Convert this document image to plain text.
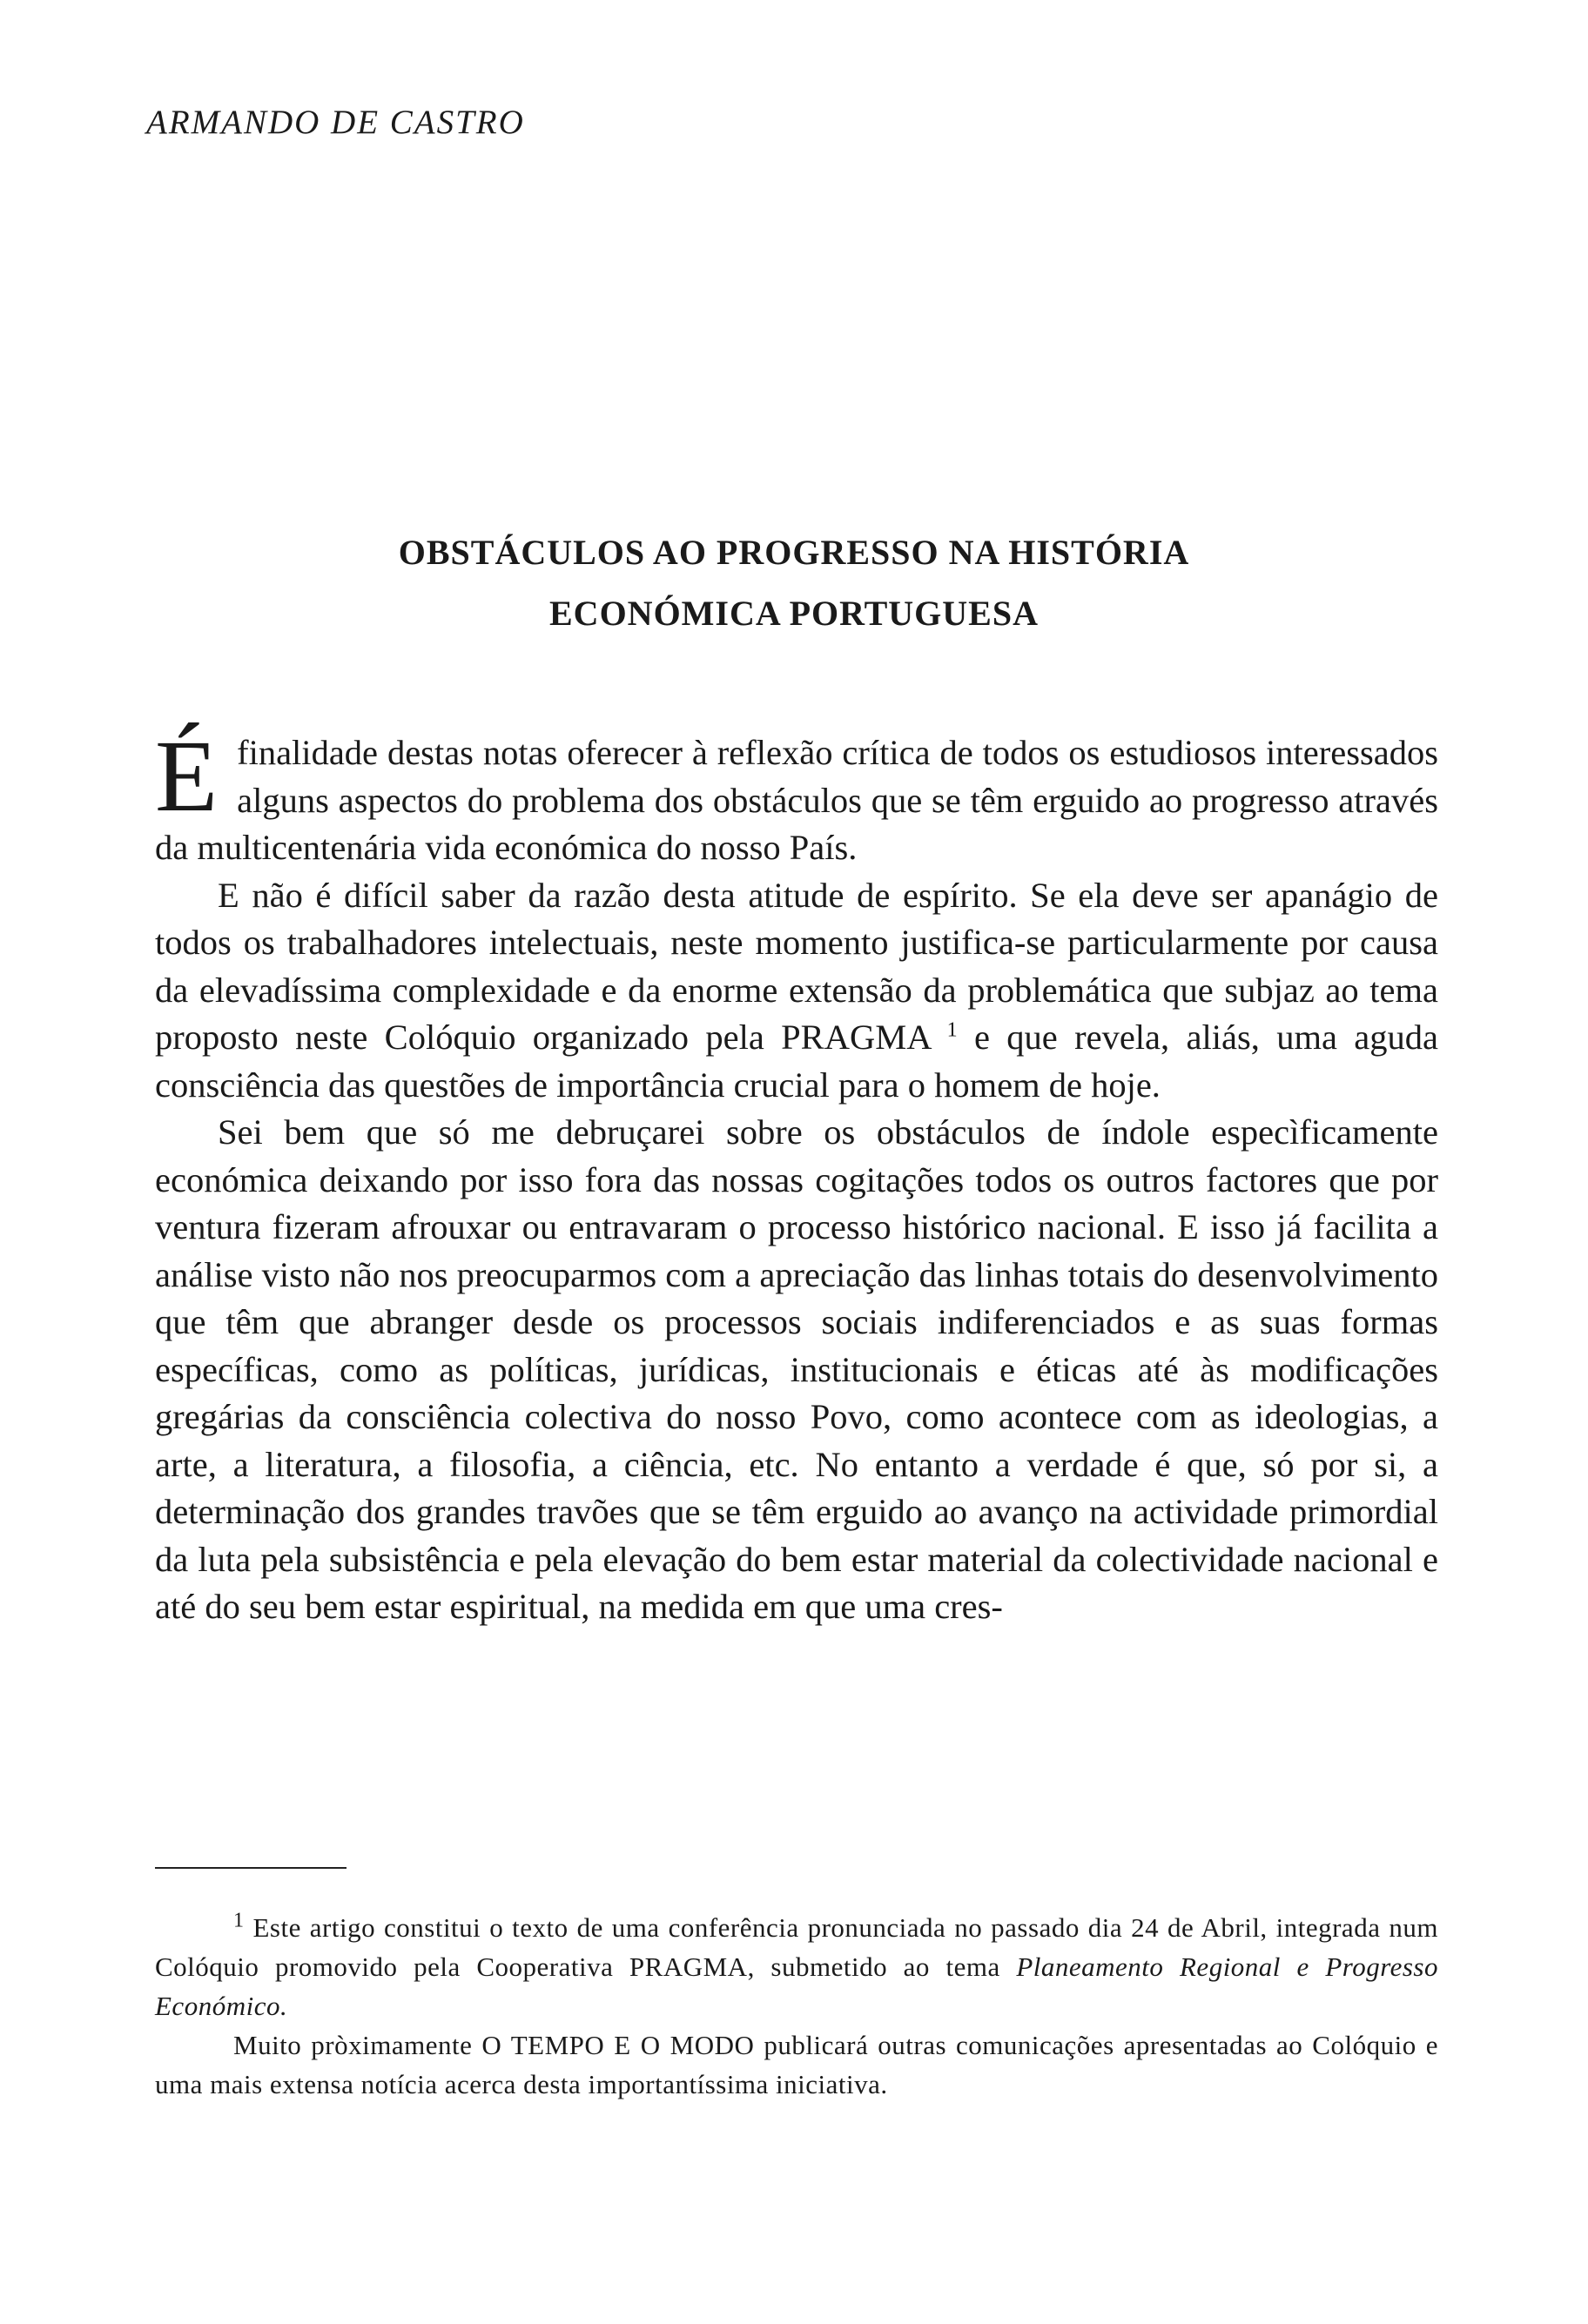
ARMANDO DE CASTRO
OBSTÁCULOS AO PROGRESSO NA HISTÓRIA
ECONÓMICA PORTUGUESA

Éfinalidade destas notas oferecer à reflexão crítica de todos os estudiosos interessados alguns aspectos do problema dos obstáculos que se têm erguido ao progresso através da multicentenária vida económica do nosso País.

E não é difícil saber da razão desta atitude de espírito. Se ela deve ser apanágio de todos os trabalhadores intelectuais, neste momento justifica-se particularmente por causa da elevadíssima complexidade e da enorme extensão da problemática que subjaz ao tema proposto neste Colóquio organizado pela PRAGMA $^1$ e que revela, aliás, uma aguda consciência das questões de importância crucial para o homem de hoje.

Sei bem que só me debruçarei sobre os obstáculos de índole especìficamente económica deixando por isso fora das nossas cogitações todos os outros factores que por ventura fizeram afrouxar ou entravaram o processo histórico nacional. E isso já facilita a análise visto não nos preocuparmos com a apreciação das linhas totais do desenvolvimento que têm que abranger desde os processos sociais indiferenciados e as suas formas específicas, como as políticas, jurídicas, institucionais e éticas até às modificações gregárias da consciência colectiva do nosso Povo, como acontece com as ideologias, a arte, a literatura, a filosofia, a ciência, etc. No entanto a verdade é que, só por si, a determinação dos grandes travões que se têm erguido ao avanço na actividade primordial da luta pela subsistência e pela elevação do bem estar material da colectividade nacional e até do seu bem estar espiritual, na medida em que uma cres-

$^1$ Este artigo constitui o texto de uma conferência pronunciada no passado dia 24 de Abril, integrada num Colóquio promovido pela Cooperativa PRAGMA, submetido ao tema Planeamento Regional e Progresso Económico.

Muito pròximamente O TEMPO E O MODO publicará outras comunicações apresentadas ao Colóquio e uma mais extensa notícia acerca desta importantíssima iniciativa.
